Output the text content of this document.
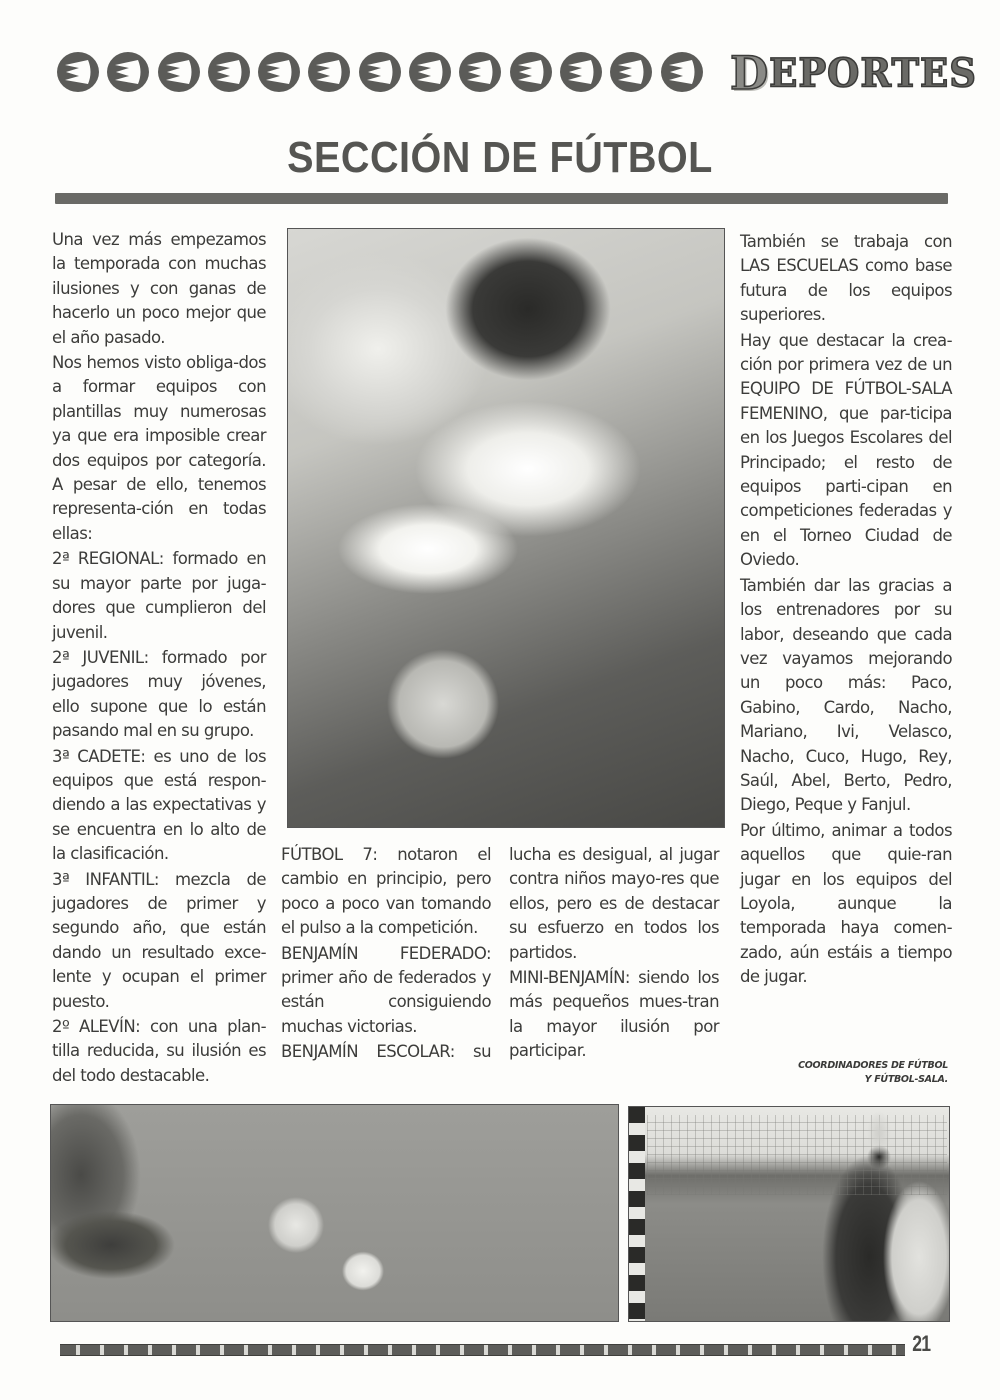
D EPORTES
SECCIÓN DE FÚTBOL

Una vez más empezamos la temporada con muchas ilusiones y con ganas de hacerlo un poco mejor que el año pasado.

Nos hemos visto obliga-dos a formar equipos con plantillas muy numerosas ya que era imposible crear dos equipos por categoría. A pesar de ello, tenemos representa-ción en todas ellas:

2ª REGIONAL: formado en su mayor parte por juga-dores que cumplieron del juvenil.

2ª JUVENIL: formado por jugadores muy jóvenes, ello supone que lo están pasando mal en su grupo.

3ª CADETE: es uno de los equipos que está respon-diendo a las expectativas y se encuentra en lo alto de la clasificación.

3ª INFANTIL: mezcla de jugadores de primer y segundo año, que están dando un resultado exce-lente y ocupan el primer puesto.

2º ALEVÍN: con una plan-tilla reducida, su ilusión es del todo destacable.

FÚTBOL 7: notaron el cambio en principio, pero poco a poco van tomando el pulso a la competición.

BENJAMÍN FEDERADO: primer año de federados y están consiguiendo muchas victorias.

BENJAMÍN ESCOLAR: su

lucha es desigual, al jugar contra niños mayo-res que ellos, pero es de destacar su esfuerzo en todos los partidos.

MINI-BENJAMÍN: siendo los más pequeños mues-tran la mayor ilusión por participar.

También se trabaja con LAS ESCUELAS como base futura de los equipos superiores.

Hay que destacar la crea-ción por primera vez de un EQUIPO DE FÚTBOL-SALA FEMENINO, que par-ticipa en los Juegos Escolares del Principado; el resto de equipos parti-cipan en competiciones federadas y en el Torneo Ciudad de Oviedo.

También dar las gracias a los entrenadores por su labor, deseando que cada vez vayamos mejorando un poco más: Paco, Gabino, Cardo, Nacho, Mariano, Ivi, Velasco, Nacho, Cuco, Hugo, Rey, Saúl, Abel, Berto, Pedro, Diego, Peque y Fanjul.

Por último, animar a todos aquellos que quie-ran jugar en los equipos del Loyola, aunque la temporada haya comen-zado, aún estáis a tiempo de jugar.

COORDINADORES DE FÚTBOL
Y FÚTBOL-SALA.
21
